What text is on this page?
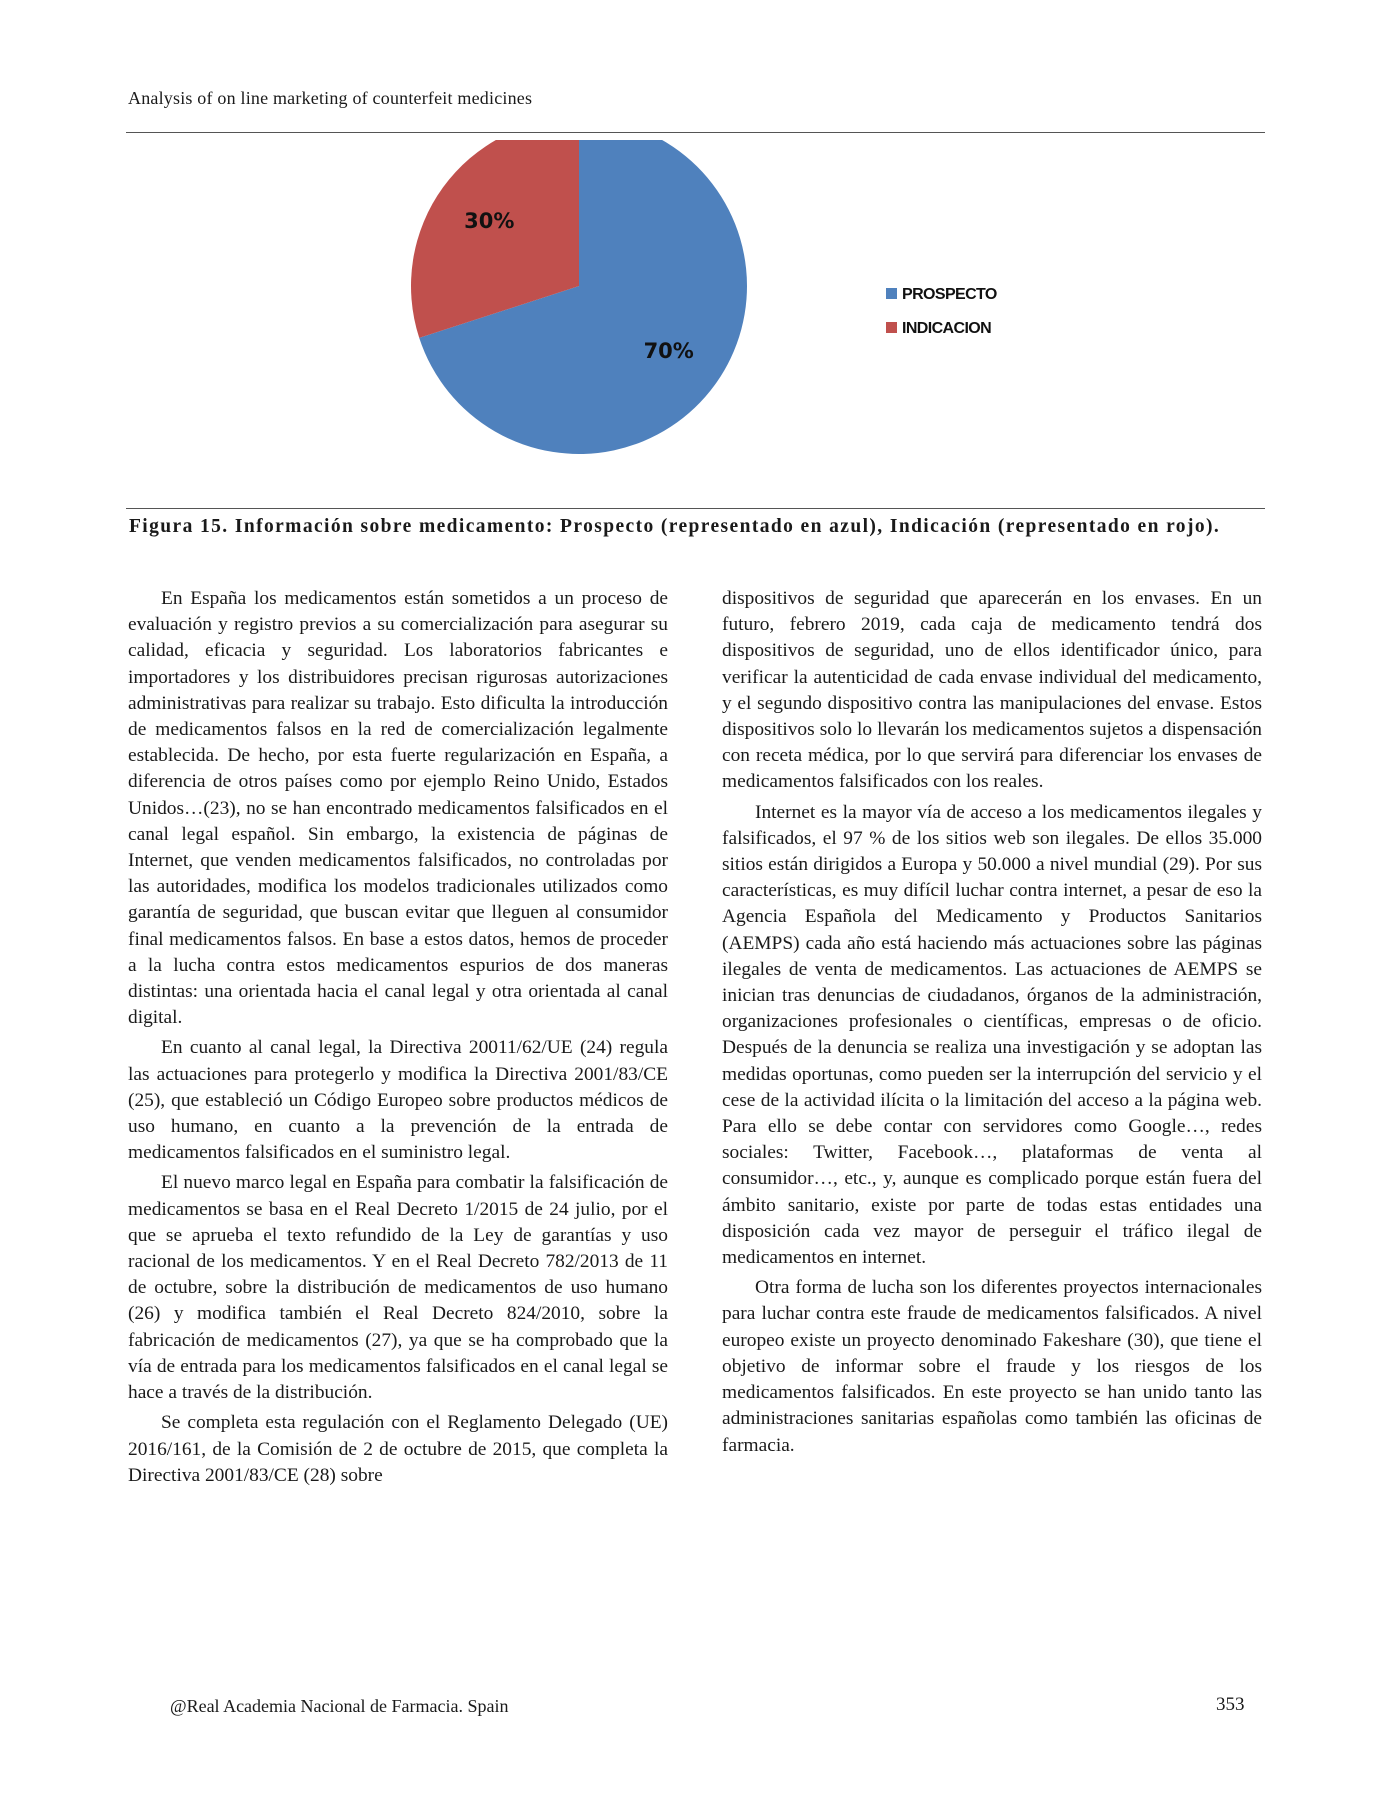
Analysis of on line marketing of counterfeit medicines
70%
30%
PROSPECTO
INDICACION
Figura 15. Información sobre medicamento: Prospecto (representado en azul), Indicación (representado en rojo).

En España los medicamentos están sometidos a un proceso de evaluación y registro previos a su comercialización para asegurar su calidad, eficacia y seguridad. Los laboratorios fabricantes e importadores y los distribuidores precisan rigurosas autorizaciones administrativas para realizar su trabajo. Esto dificulta la introducción de medicamentos falsos en la red de comercialización legalmente establecida. De hecho, por esta fuerte regularización en España, a diferencia de otros países como por ejemplo Reino Unido, Estados Unidos…(23), no se han encontrado medicamentos falsificados en el canal legal español. Sin embargo, la existencia de páginas de Internet, que venden medicamentos falsificados, no controladas por las autoridades, modifica los modelos tradicionales utilizados como garantía de seguridad, que buscan evitar que lleguen al consumidor final medicamentos falsos. En base a estos datos, hemos de proceder a la lucha contra estos medicamentos espurios de dos maneras distintas: una orientada hacia el canal legal y otra orientada al canal digital.

En cuanto al canal legal, la Directiva 20011/62/UE (24) regula las actuaciones para protegerlo y modifica la Directiva 2001/83/CE (25), que estableció un Código Europeo sobre productos médicos de uso humano, en cuanto a la prevención de la entrada de medicamentos falsificados en el suministro legal.

El nuevo marco legal en España para combatir la falsificación de medicamentos se basa en el Real Decreto 1/2015 de 24 julio, por el que se aprueba el texto refundido de la Ley de garantías y uso racional de los medicamentos. Y en el Real Decreto 782/2013 de 11 de octubre, sobre la distribución de medicamentos de uso humano (26) y modifica también el Real Decreto 824/2010, sobre la fabricación de medicamentos (27), ya que se ha comprobado que la vía de entrada para los medicamentos falsificados en el canal legal se hace a través de la distribución.

Se completa esta regulación con el Reglamento Delegado (UE) 2016/161, de la Comisión de 2 de octubre de 2015, que completa la Directiva 2001/83/CE (28) sobre

dispositivos de seguridad que aparecerán en los envases. En un futuro, febrero 2019, cada caja de medicamento tendrá dos dispositivos de seguridad, uno de ellos identificador único, para verificar la autenticidad de cada envase individual del medicamento, y el segundo dispositivo contra las manipulaciones del envase. Estos dispositivos solo lo llevarán los medicamentos sujetos a dispensación con receta médica, por lo que servirá para diferenciar los envases de medicamentos falsificados con los reales.

Internet es la mayor vía de acceso a los medicamentos ilegales y falsificados, el 97 % de los sitios web son ilegales. De ellos 35.000 sitios están dirigidos a Europa y 50.000 a nivel mundial (29). Por sus características, es muy difícil luchar contra internet, a pesar de eso la Agencia Española del Medicamento y Productos Sanitarios (AEMPS) cada año está haciendo más actuaciones sobre las páginas ilegales de venta de medicamentos. Las actuaciones de AEMPS se inician tras denuncias de ciudadanos, órganos de la administración, organizaciones profesionales o científicas, empresas o de oficio. Después de la denuncia se realiza una investigación y se adoptan las medidas oportunas, como pueden ser la interrupción del servicio y el cese de la actividad ilícita o la limitación del acceso a la página web. Para ello se debe contar con servidores como Google…, redes sociales: Twitter, Facebook…, plataformas de venta al consumidor…, etc., y, aunque es complicado porque están fuera del ámbito sanitario, existe por parte de todas estas entidades una disposición cada vez mayor de perseguir el tráfico ilegal de medicamentos en internet.

Otra forma de lucha son los diferentes proyectos internacionales para luchar contra este fraude de medicamentos falsificados. A nivel europeo existe un proyecto denominado Fakeshare (30), que tiene el objetivo de informar sobre el fraude y los riesgos de los medicamentos falsificados. En este proyecto se han unido tanto las administraciones sanitarias españolas como también las oficinas de farmacia.

@Real Academia Nacional de Farmacia. Spain	353
